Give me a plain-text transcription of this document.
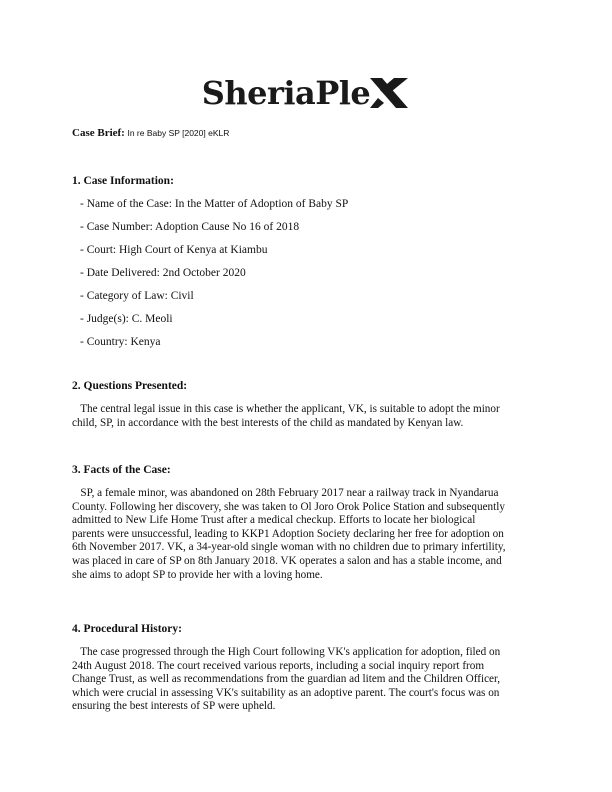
SheriaPle
Case Brief: In re Baby SP [2020] eKLR
1. Case Information:
- Name of the Case: In the Matter of Adoption of Baby SP
- Case Number: Adoption Cause No 16 of 2018
- Court: High Court of Kenya at Kiambu
- Date Delivered: 2nd October 2020
- Category of Law: Civil
- Judge(s): C. Meoli
- Country: Kenya
2. Questions Presented:
The central legal issue in this case is whether the applicant, VK, is suitable to adopt the minor
child, SP, in accordance with the best interests of the child as mandated by Kenyan law.
3. Facts of the Case:
SP, a female minor, was abandoned on 28th February 2017 near a railway track in Nyandarua
County. Following her discovery, she was taken to Ol Joro Orok Police Station and subsequently
admitted to New Life Home Trust after a medical checkup. Efforts to locate her biological
parents were unsuccessful, leading to KKP1 Adoption Society declaring her free for adoption on
6th November 2017. VK, a 34-year-old single woman with no children due to primary infertility,
was placed in care of SP on 8th January 2018. VK operates a salon and has a stable income, and
she aims to adopt SP to provide her with a loving home.
4. Procedural History:
The case progressed through the High Court following VK's application for adoption, filed on
24th August 2018. The court received various reports, including a social inquiry report from
Change Trust, as well as recommendations from the guardian ad litem and the Children Officer,
which were crucial in assessing VK's suitability as an adoptive parent. The court's focus was on
ensuring the best interests of SP were upheld.
